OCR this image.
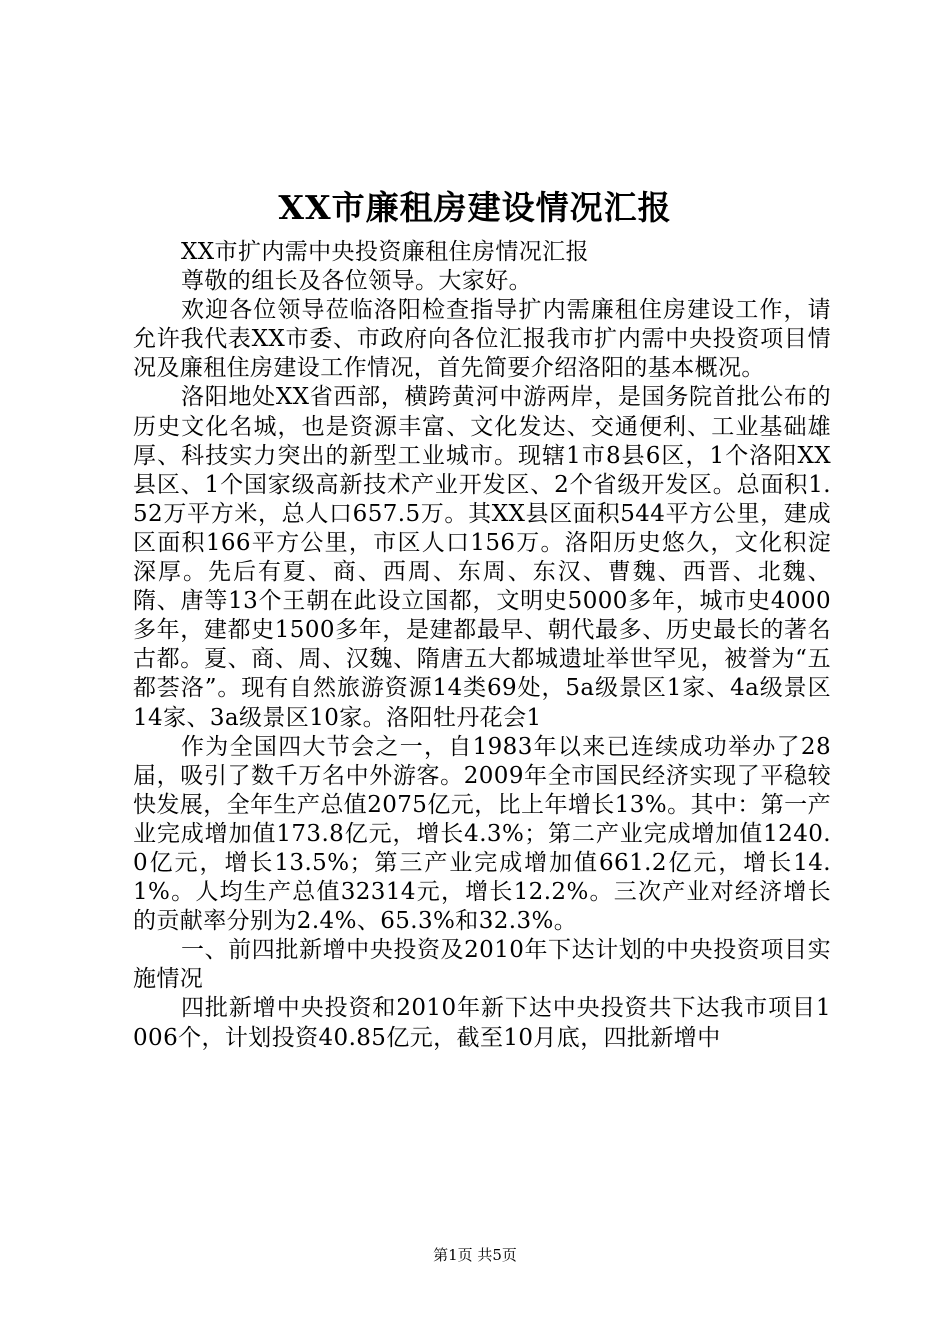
XX市廉租房建设情况汇报

XX市扩内需中央投资廉租住房情况汇报

尊敬的组长及各位领导。大家好。

欢迎各位领导莅临洛阳检查指导扩内需廉租住房建设工作，请允许我代表XX市委、市政府向各位汇报我市扩内需中央投资项目情况及廉租住房建设工作情况，首先简要介绍洛阳的基本概况。

洛阳地处XX省西部，横跨黄河中游两岸，是国务院首批公布的历史文化名城，也是资源丰富、文化发达、交通便利、工业基础雄厚、科技实力突出的新型工业城市。现辖1市8县6区，1个洛阳XX县区、1个国家级高新技术产业开发区、2个省级开发区。总面积1.52万平方米，总人口657.5万。其XX县区面积544平方公里，建成区面积166平方公里，市区人口156万。洛阳历史悠久，文化积淀深厚。先后有夏、商、西周、东周、东汉、曹魏、西晋、北魏、隋、唐等13个王朝在此设立国都，文明史5000多年，城市史4000多年，建都史1500多年，是建都最早、朝代最多、历史最长的著名古都。夏、商、周、汉魏、隋唐五大都城遗址举世罕见，被誉为“五都荟洛”。现有自然旅游资源14类69处，5a级景区1家、4a级景区14家、3a级景区10家。洛阳牡丹花会1

作为全国四大节会之一，自1983年以来已连续成功举办了28届，吸引了数千万名中外游客。2009年全市国民经济实现了平稳较快发展，全年生产总值2075亿元，比上年增长13%。其中：第一产业完成增加值173.8亿元，增长4.3%；第二产业完成增加值1240.0亿元，增长13.5%；第三产业完成增加值661.2亿元，增长14.1%。人均生产总值32314元，增长12.2%。三次产业对经济增长的贡献率分别为2.4%、65.3%和32.3%。

一、前四批新增中央投资及2010年下达计划的中央投资项目实施情况

四批新增中央投资和2010年新下达中央投资共下达我市项目1006个，计划投资40.85亿元，截至10月底，四批新增中

第1页 共5页
